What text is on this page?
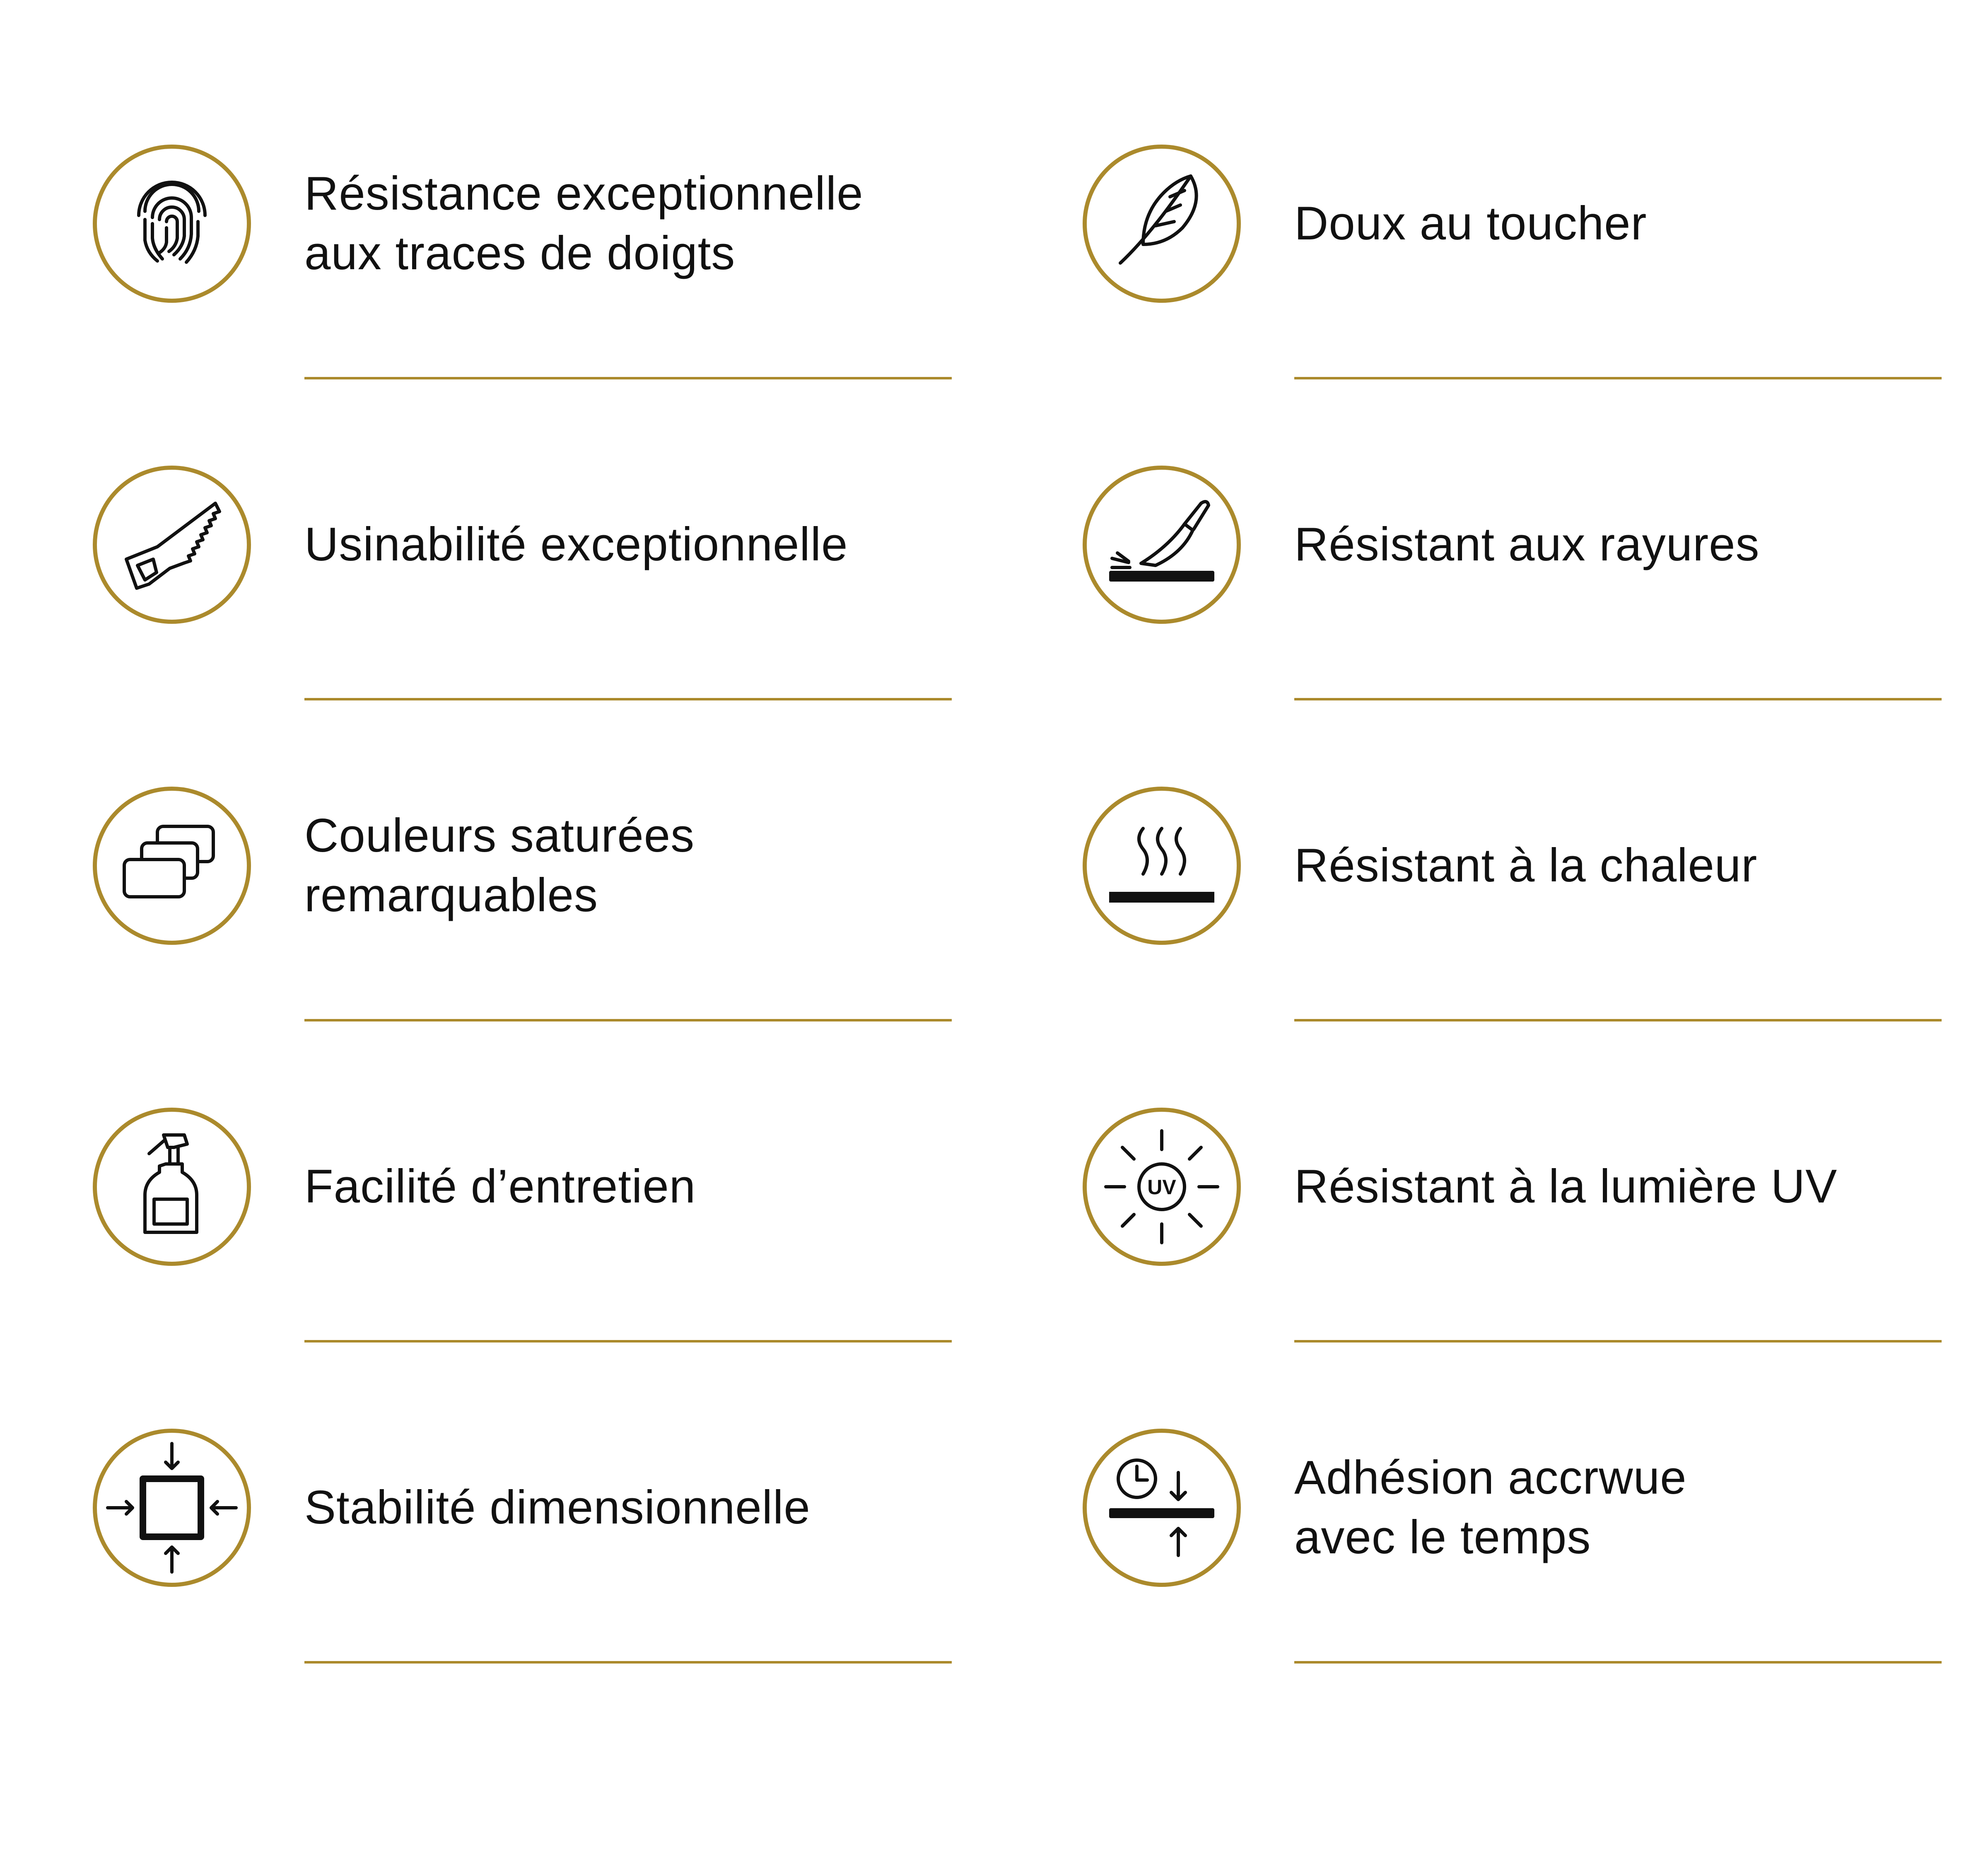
Résistance exceptionnelle
aux traces de doigts
Usinabilité exceptionnelle
Couleurs saturées
remarquables
Facilité d’entretien
Stabilité dimensionnelle
Doux au toucher
Résistant aux rayures
Résistant à la chaleur
UV	Résistant à la lumière UV
Adhésion accrwue
avec le temps
